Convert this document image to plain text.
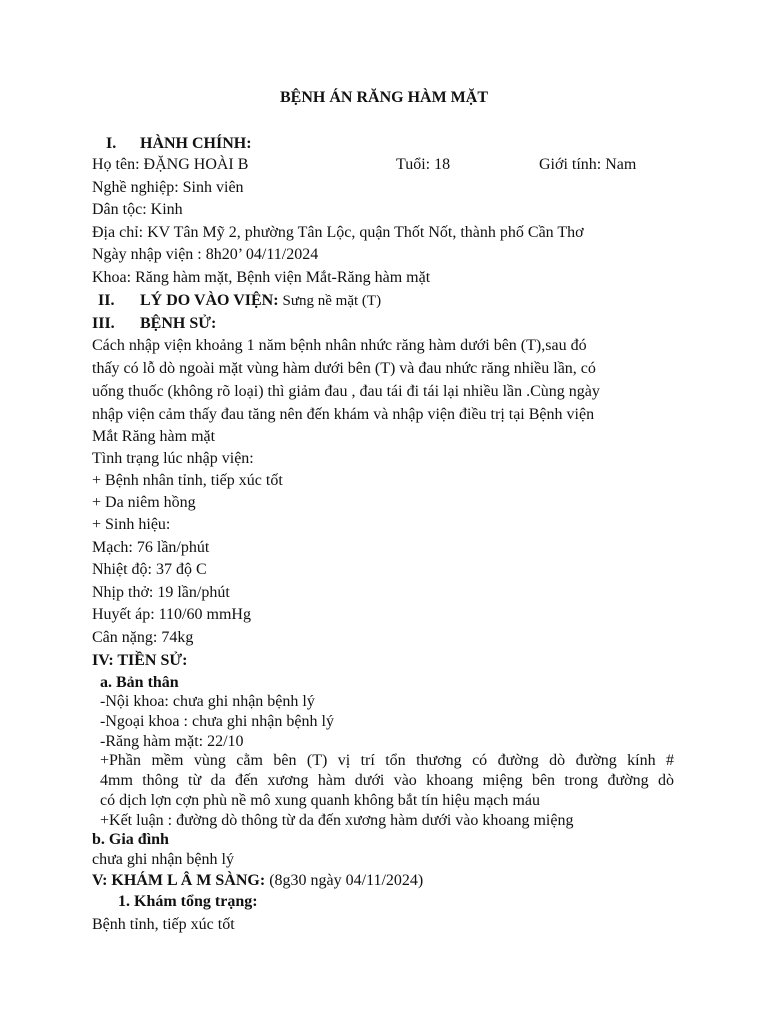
BỆNH ÁN RĂNG HÀM MẶT
I. HÀNH CHÍNH:
Họ tên: ĐẶNG HOÀI B	Tuổi: 18	Giới tính: Nam
Nghề nghiệp: Sinh viên
Dân tộc: Kinh
Địa chỉ: KV Tân Mỹ 2, phường Tân Lộc, quận Thốt Nốt, thành phố Cần Thơ
Ngày nhập viện : 8h20’ 04/11/2024
Khoa: Răng hàm mặt, Bệnh viện Mắt-Răng hàm mặt
II. LÝ DO VÀO VIỆN: Sưng nề mặt (T)
III. BỆNH SỬ:
Cách nhập viện khoảng 1 năm bệnh nhân nhức răng hàm dưới bên (T),sau đó
thấy có lỗ dò ngoài mặt vùng hàm dưới bên (T) và đau nhức răng nhiều lần, có
uống thuốc (không rõ loại) thì giảm đau , đau tái đi tái lại nhiều lần .Cùng ngày
nhập viện cảm thấy đau tăng nên đến khám và nhập viện điều trị tại Bệnh viện
Mắt Răng hàm mặt
Tình trạng lúc nhập viện:
+ Bệnh nhân tỉnh, tiếp xúc tốt
+ Da niêm hồng
+ Sinh hiệu:
Mạch: 76 lần/phút
Nhiệt độ: 37 độ C
Nhịp thở: 19 lần/phút
Huyết áp: 110/60 mmHg
Cân nặng: 74kg
IV: TIỀN SỬ:
a. Bản thân
-Nội khoa: chưa ghi nhận bệnh lý
-Ngoại khoa : chưa ghi nhận bệnh lý
-Răng hàm mặt: 22/10
+Phần mềm vùng cằm bên (T) vị trí tổn thương có đường dò đường kính #
4mm thông từ da đến xương hàm dưới vào khoang miệng bên trong đường dò
có dịch lợn cợn phù nề mô xung quanh không bắt tín hiệu mạch máu
+Kết luận : đường dò thông từ da đến xương hàm dưới vào khoang miệng
b. Gia đình
chưa ghi nhận bệnh lý
V: KHÁM L Â M SÀNG: (8g30 ngày 04/11/2024)
1. Khám tổng trạng:
Bệnh tỉnh, tiếp xúc tốt
